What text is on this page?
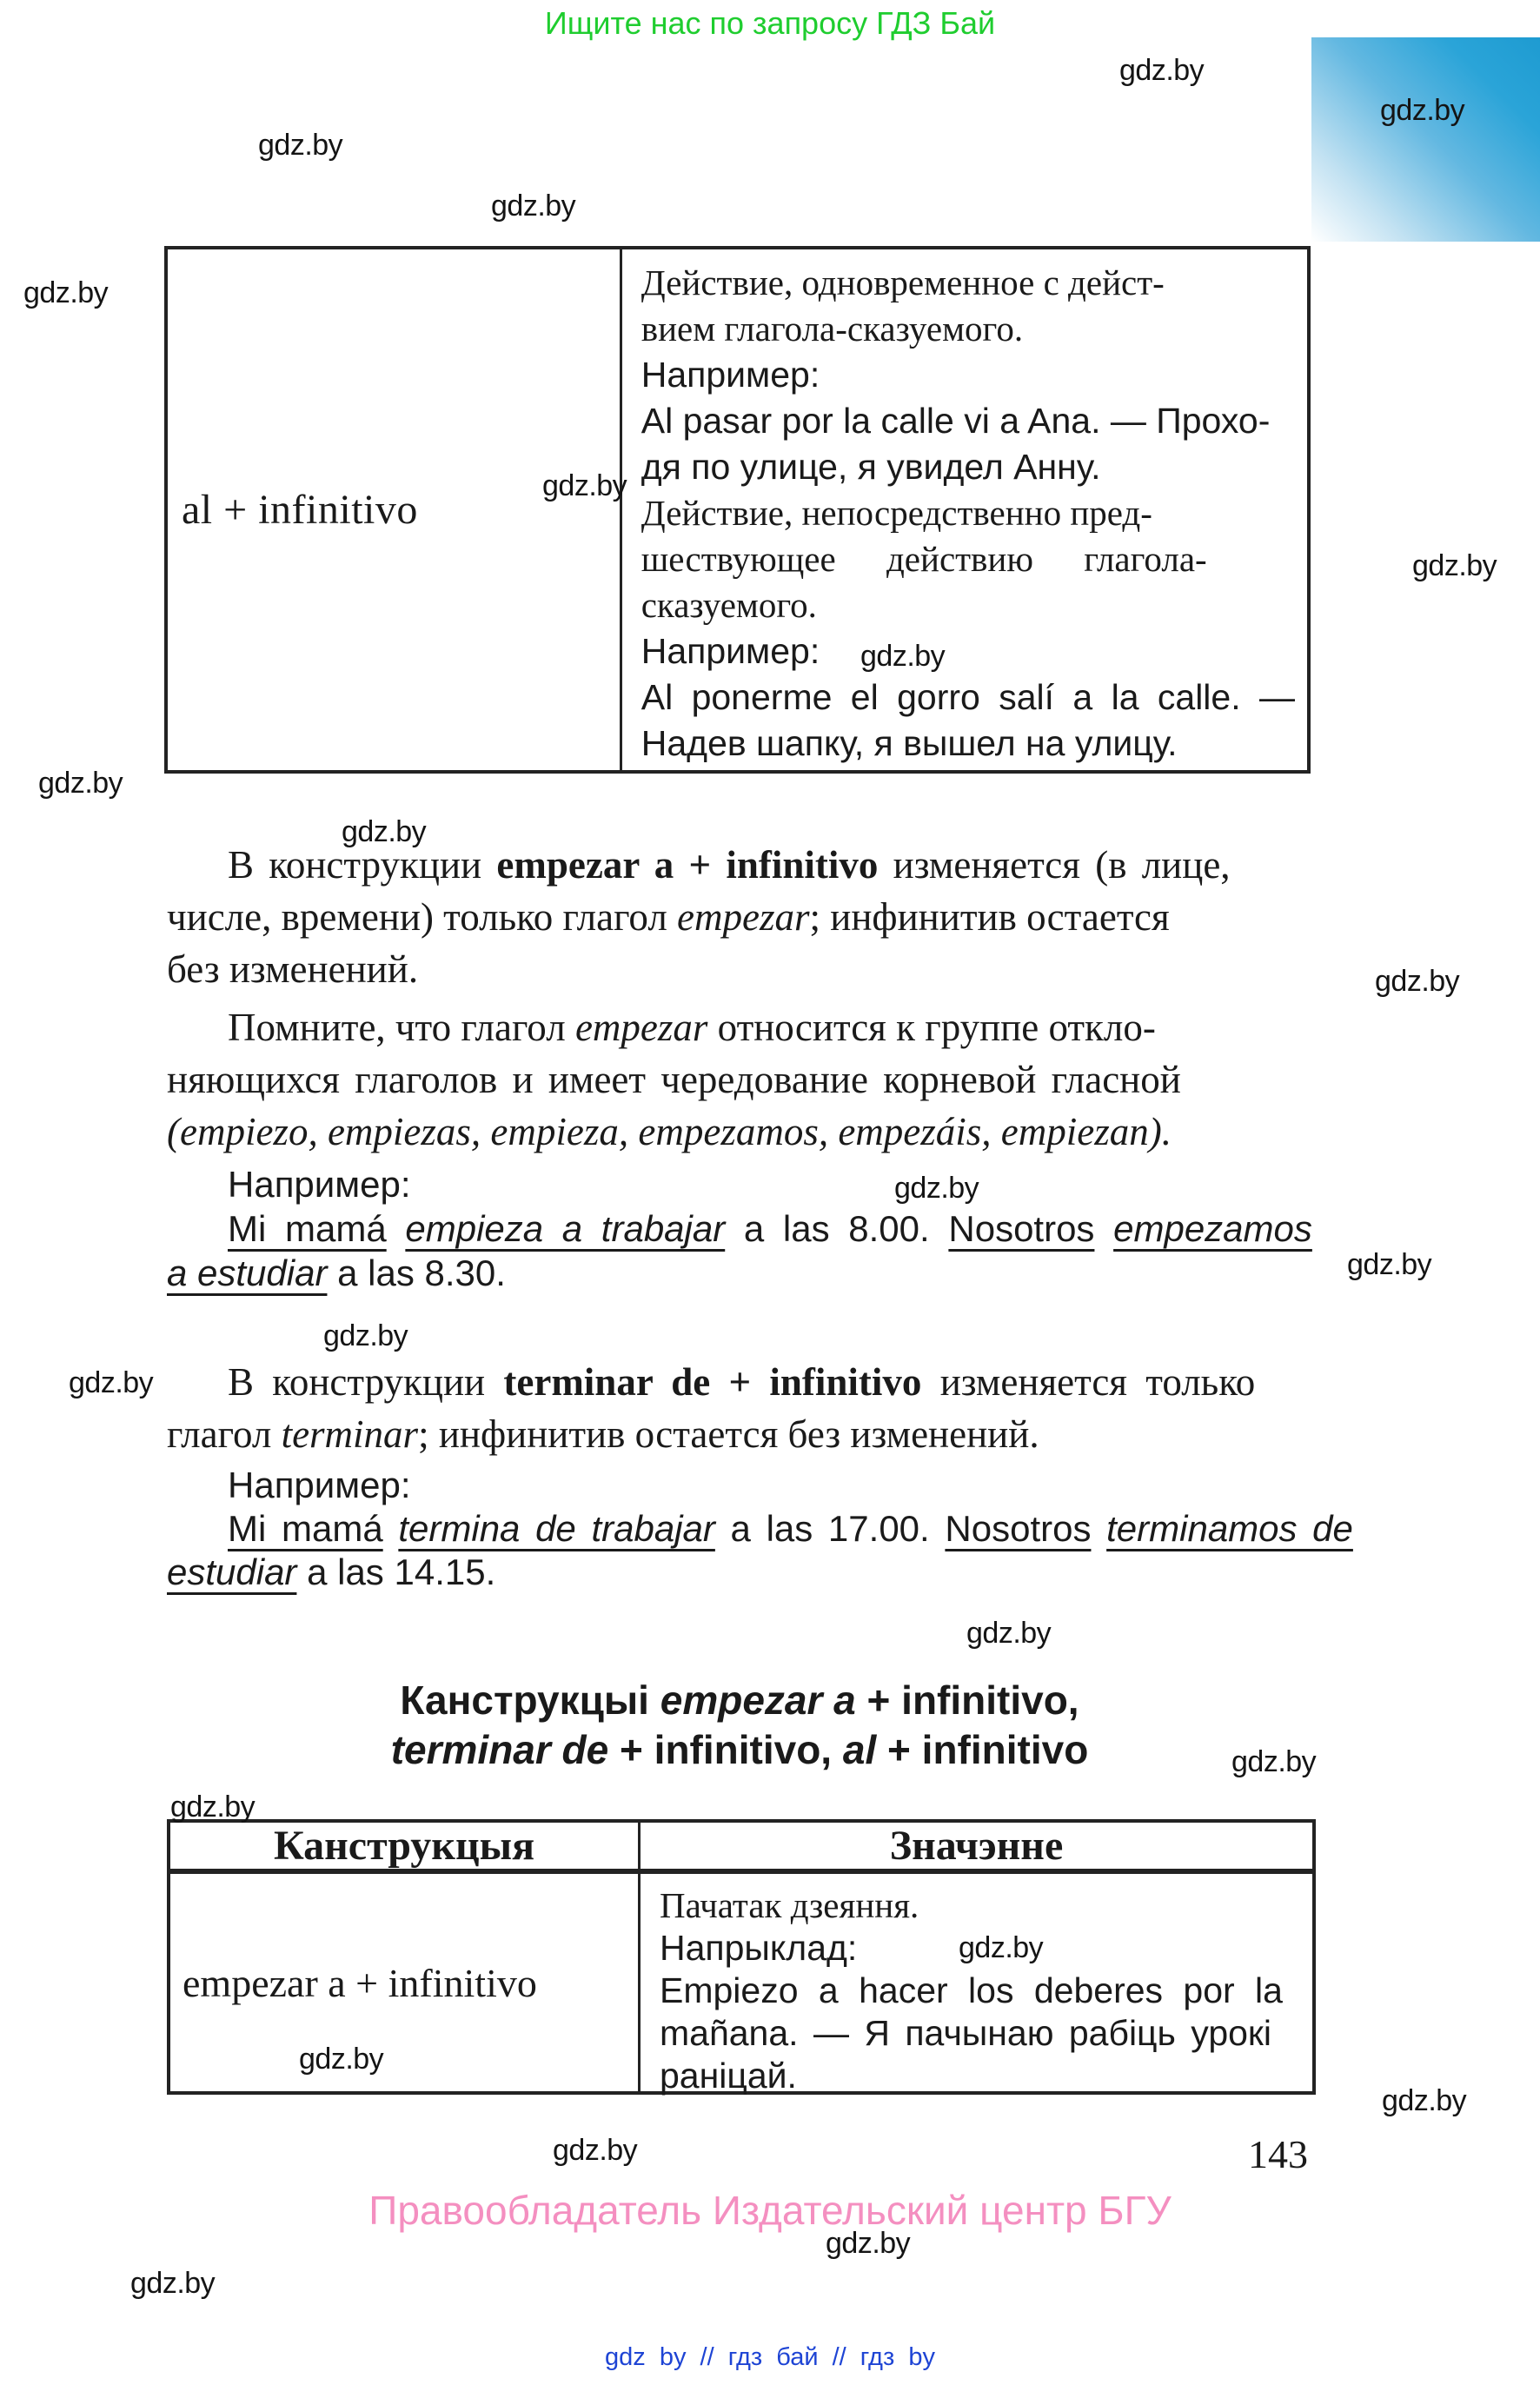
Ищите нас по запросу ГДЗ Бай
gdz.by
gdz.by
gdz.by
gdz.by
gdz.by
gdz.by
gdz.by
gdz.by
gdz.by
gdz.by
gdz.by
gdz.by
gdz.by
gdz.by
gdz.by
gdz.by
gdz.by
gdz.by
gdz.by
gdz.by
gdz.by
gdz.by
gdz.by
gdz.by
al + infinitivo
Действие, одновременное с дейст-
вием глагола-сказуемого.
Например:
Al pasar por la calle vi a Ana. — Прохо-
дя по улице, я увидел Анну.
Действие, непосредственно пред-
шествующее действию глагола-
сказуемого.
Например:
Al ponerme el gorro salí a la calle. —
Надев шапку, я вышел на улицу.
В конструкции empezar a + infinitivo изменяется (в лице,
числе, времени) только глагол empezar; инфинитив остается
без изменений.
Помните, что глагол empezar относится к группе откло-
няющихся глаголов и имеет чередование корневой гласной
(empiezo, empiezas, empieza, empezamos, empezáis, empiezan).
Например:
Mi mamá empieza a trabajar a las 8.00. Nosotros empezamos
a estudiar a las 8.30.
В конструкции terminar de + infinitivo изменяется только
глагол terminar; инфинитив остается без изменений.
Например:
Mi mamá termina de trabajar a las 17.00. Nosotros terminamos de
estudiar a las 14.15.
Канструкцыі empezar a + infinitivo,
terminar de + infinitivo, al + infinitivo
Канструкцыя	Значэнне
empezar a + infinitivo
Пачатак дзеяння.
Напрыклад:
Empiezo a hacer los deberes por la
mañana. — Я пачынаю рабіць урокі
раніцай.
143
Правообладатель Издательский центр БГУ
gdz by // гдз бай // гдз by
